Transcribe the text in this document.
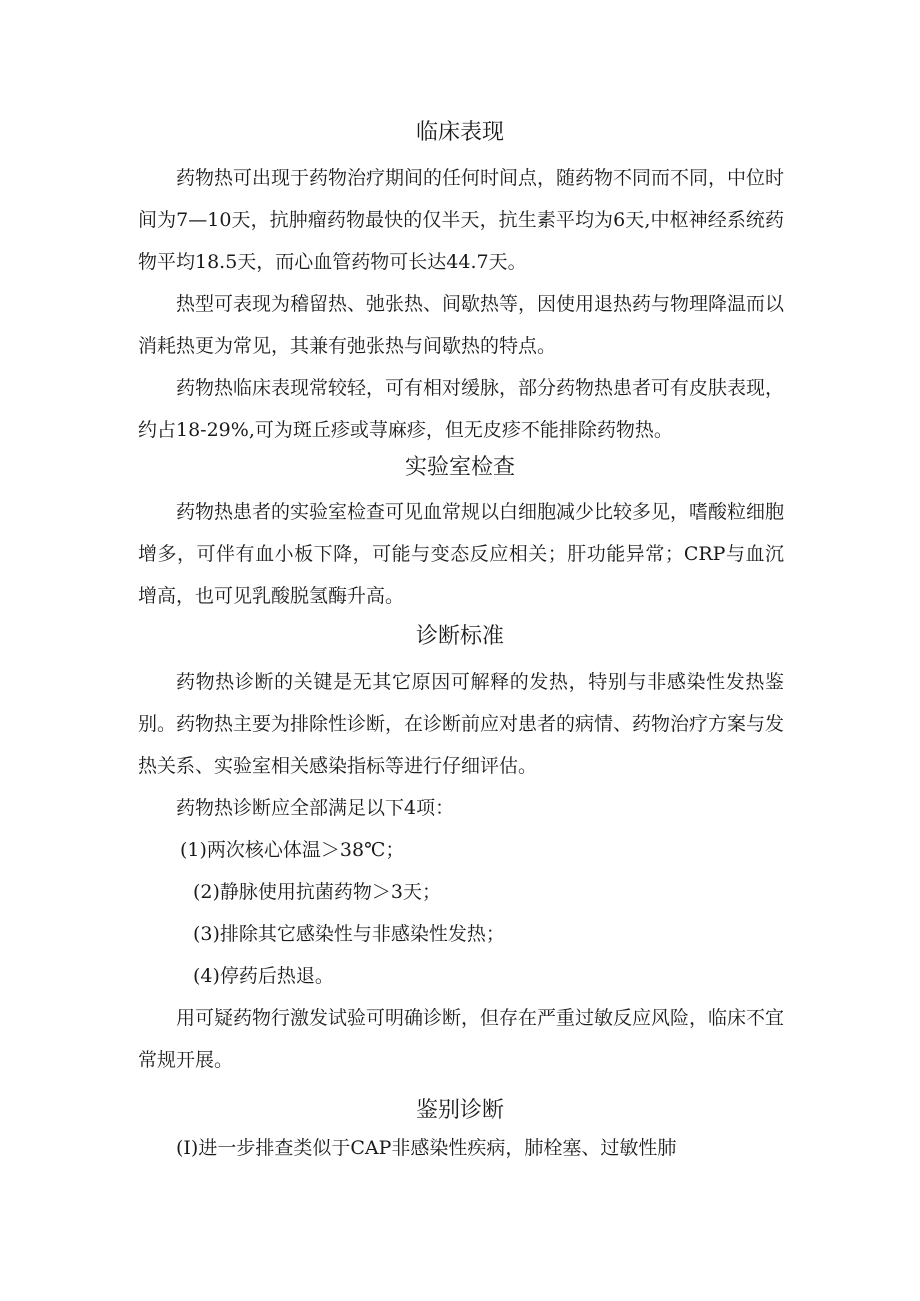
临床表现

药物热可出现于药物治疗期间的任何时间点，随药物不同而不同，中位时间为7—10天，抗肿瘤药物最快的仅半天，抗生素平均为6天,中枢神经系统药物平均18.5天，而心血管药物可长达44.7天。

热型可表现为稽留热、弛张热、间歇热等，因使用退热药与物理降温而以消耗热更为常见，其兼有弛张热与间歇热的特点。

药物热临床表现常较轻，可有相对缓脉，部分药物热患者可有皮肤表现，约占18-29%,可为斑丘疹或荨麻疹，但无皮疹不能排除药物热。

实验室检查

药物热患者的实验室检查可见血常规以白细胞减少比较多见，嗜酸粒细胞增多，可伴有血小板下降，可能与变态反应相关；肝功能异常；CRP与血沉增高，也可见乳酸脱氢酶升高。

诊断标准

药物热诊断的关键是无其它原因可解释的发热，特别与非感染性发热鉴别。药物热主要为排除性诊断，在诊断前应对患者的病情、药物治疗方案与发热关系、实验室相关感染指标等进行仔细评估。

药物热诊断应全部满足以下4项：

(1)两次核心体温＞38℃；
(2)静脉使用抗菌药物＞3天；
(3)排除其它感染性与非感染性发热；
(4)停药后热退。

用可疑药物行激发试验可明确诊断，但存在严重过敏反应风险，临床不宜常规开展。

鉴别诊断

(I)进一步排查类似于CAP非感染性疾病，肺栓塞、过敏性肺
